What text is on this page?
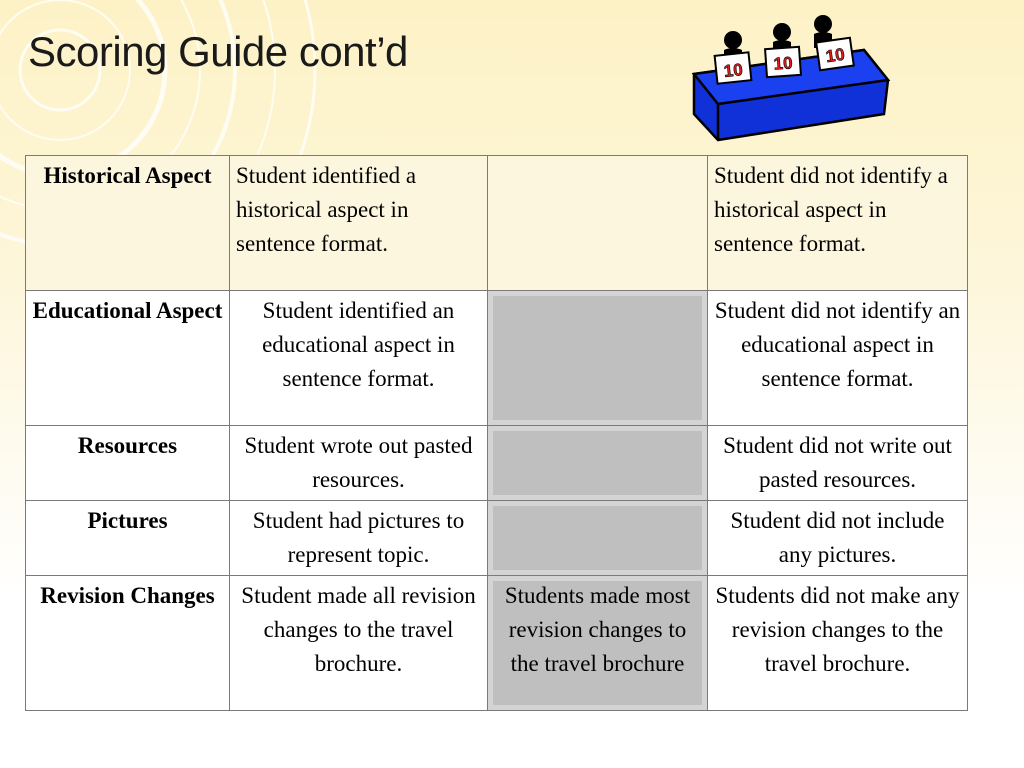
Scoring Guide cont’d	10 10 10
Historical Aspect	Student identified a historical aspect in sentence format.		Student did not identify a historical aspect in sentence format.
Educational Aspect	Student identified an educational aspect in sentence format.		Student did not identify an educational aspect in sentence format.
Resources	Student wrote out pasted resources.		Student did not write out pasted resources.
Pictures	Student had pictures to represent topic.		Student did not include any pictures.
Revision Changes	Student made all revision changes to the travel brochure.	Students made most revision changes to the travel brochure	Students did not make any revision changes to the travel brochure.
